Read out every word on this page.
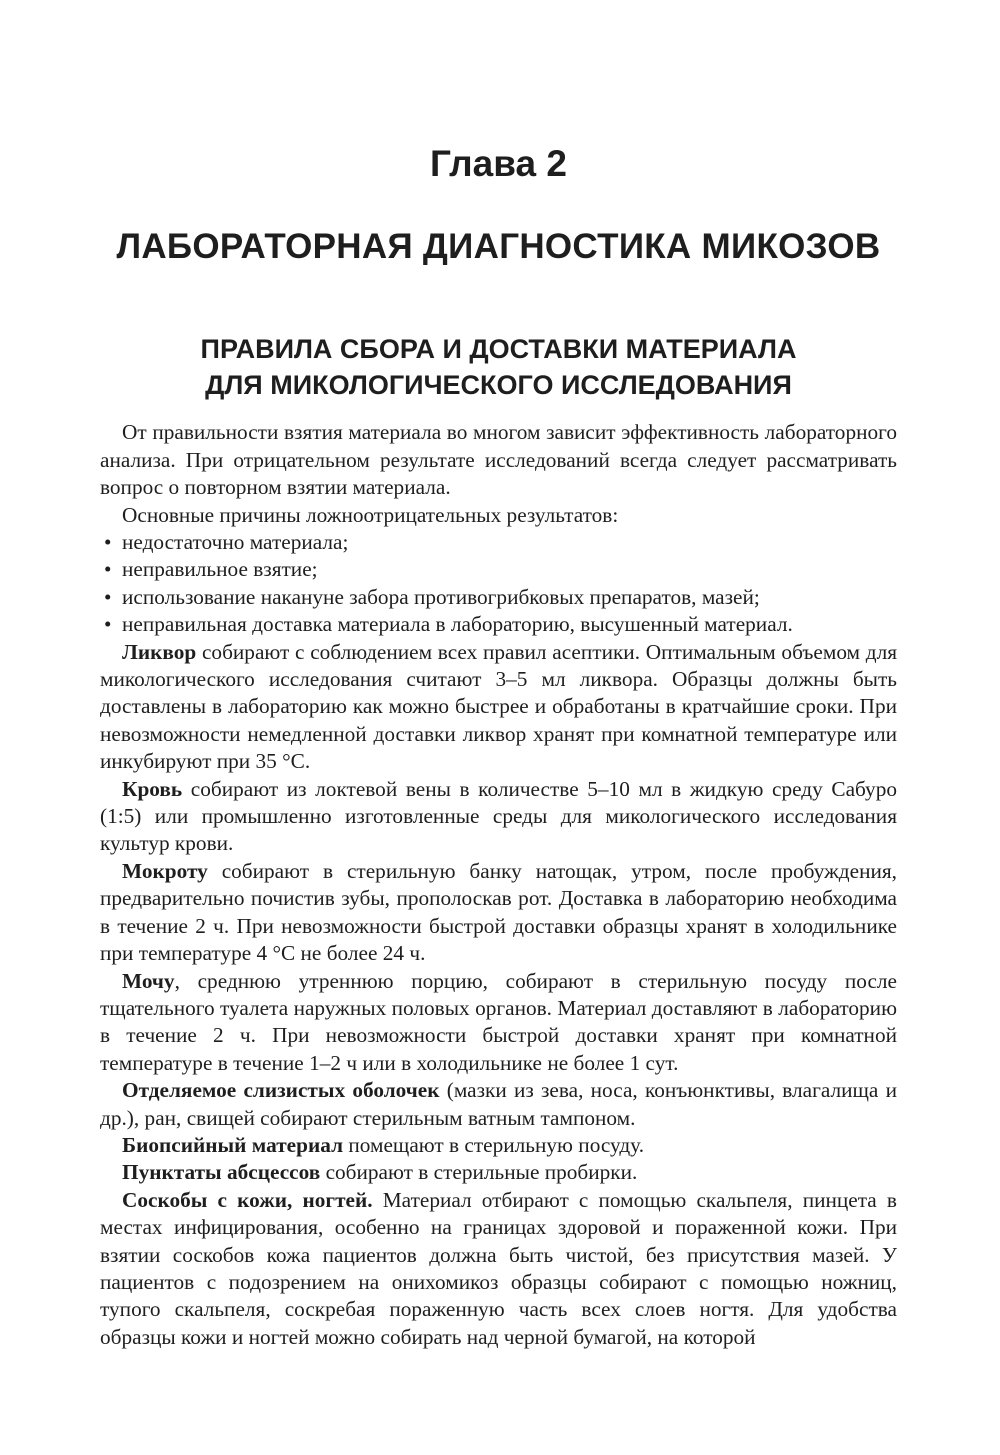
Глава 2
ЛАБОРАТОРНАЯ ДИАГНОСТИКА МИКОЗОВ
ПРАВИЛА СБОРА И ДОСТАВКИ МАТЕРИАЛА
ДЛЯ МИКОЛОГИЧЕСКОГО ИССЛЕДОВАНИЯ

От правильности взятия материала во многом зависит эффективность лабораторного анализа. При отрицательном результате исследований всегда следует рассматривать вопрос о повторном взятии материала.

Основные причины ложноотрицательных результатов:

• недостаточно материала;
• неправильное взятие;
• использование накануне забора противогрибковых препаратов, мазей;
• неправильная доставка материала в лабораторию, высушенный материал.

Ликвор собирают с соблюдением всех правил асептики. Оптимальным объемом для микологического исследования считают 3–5 мл ликвора. Образцы должны быть доставлены в лабораторию как можно быстрее и обработаны в кратчайшие сроки. При невозможности немедленной доставки ликвор хранят при комнатной температуре или инкубируют при 35 °С.

Кровь собирают из локтевой вены в количестве 5–10 мл в жидкую среду Сабуро (1:5) или промышленно изготовленные среды для микологического исследования культур крови.

Мокроту собирают в стерильную банку натощак, утром, после пробуждения, предварительно почистив зубы, прополоскав рот. Доставка в лабораторию необходима в течение 2 ч. При невозможности быстрой доставки образцы хранят в холодильнике при температуре 4 °С не более 24 ч.

Мочу, среднюю утреннюю порцию, собирают в стерильную посуду после тщательного туалета наружных половых органов. Материал доставляют в лабораторию в течение 2 ч. При невозможности быстрой доставки хранят при комнатной температуре в течение 1–2 ч или в холодильнике не более 1 сут.

Отделяемое слизистых оболочек (мазки из зева, носа, конъюнктивы, влагалища и др.), ран, свищей собирают стерильным ватным тампоном.

Биопсийный материал помещают в стерильную посуду.

Пунктаты абсцессов собирают в стерильные пробирки.

Соскобы с кожи, ногтей. Материал отбирают с помощью скальпеля, пинцета в местах инфицирования, особенно на границах здоровой и пораженной кожи. При взятии соскобов кожа пациентов должна быть чистой, без присутствия мазей. У пациентов с подозрением на онихомикоз образцы собирают с помощью ножниц, тупого скальпеля, соскребая пораженную часть всех слоев ногтя. Для удобства образцы кожи и ногтей можно собирать над черной бумагой, на которой
